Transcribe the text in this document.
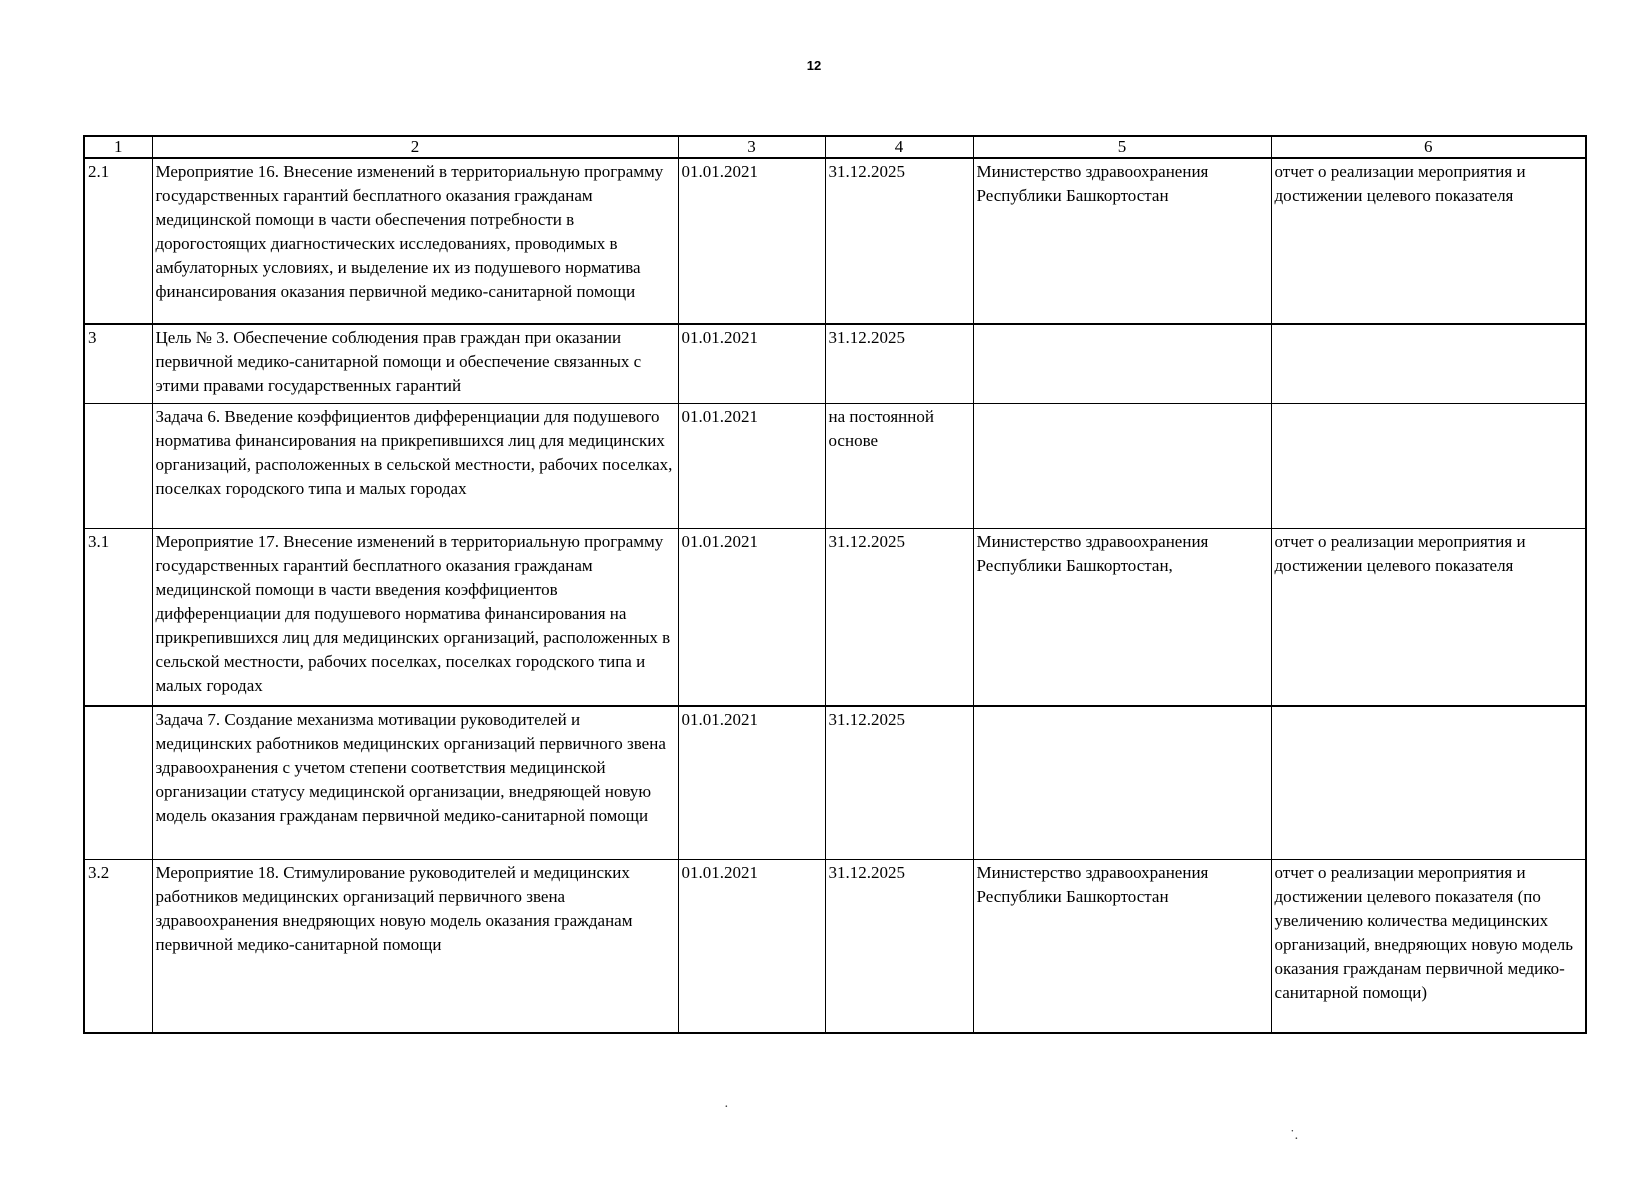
12
1	2	3	4	5	6
2.1	Мероприятие 16. Внесение изменений в территориальную программу государственных гарантий бесплатного оказания гражданам медицинской помощи в части обеспечения потребности в дорогостоящих диагностических исследованиях, проводимых в амбулаторных условиях, и выделение их из подушевого норматива финансирования оказания первичной медико-санитарной помощи	01.01.2021	31.12.2025	Министерство здравоохранения Республики Башкортостан	отчет о реализации мероприятия и достижении целевого показателя
3	Цель № 3. Обеспечение соблюдения прав граждан при оказании первичной медико-санитарной помощи и обеспечение связанных с этими правами государственных гарантий	01.01.2021	31.12.2025		
	Задача 6. Введение коэффициентов дифференциации для подушевого норматива финансирования на прикрепившихся лиц для медицинских организаций, расположенных в сельской местности, рабочих поселках, поселках городского типа и малых городах	01.01.2021	на постоянной основе		
3.1	Мероприятие 17. Внесение изменений в территориальную программу государственных гарантий бесплатного оказания гражданам медицинской помощи в части введения коэффициентов дифференциации для подушевого норматива финансирования на прикрепившихся лиц для медицинских организаций, расположенных в сельской местности, рабочих поселках, поселках городского типа и малых городах	01.01.2021	31.12.2025	Министерство здравоохранения Республики Башкортостан,	отчет о реализации мероприятия и достижении целевого показателя
	Задача 7. Создание механизма мотивации руководителей и медицинских работников медицинских организаций первичного звена здравоохранения с учетом степени соответствия медицинской организации статусу медицинской организации, внедряющей новую модель оказания гражданам первичной медико-санитарной помощи	01.01.2021	31.12.2025		
3.2	Мероприятие 18. Стимулирование руководителей и медицинских работников медицинских организаций первичного звена здравоохранения внедряющих новую модель оказания гражданам первичной медико-санитарной помощи	01.01.2021	31.12.2025	Министерство здравоохранения Республики Башкортостан	отчет о реализации мероприятия и достижении целевого показателя (по увеличению количества медицинских организаций, внедряющих новую модель оказания гражданам первичной медико-санитарной помощи)
·
˙.
